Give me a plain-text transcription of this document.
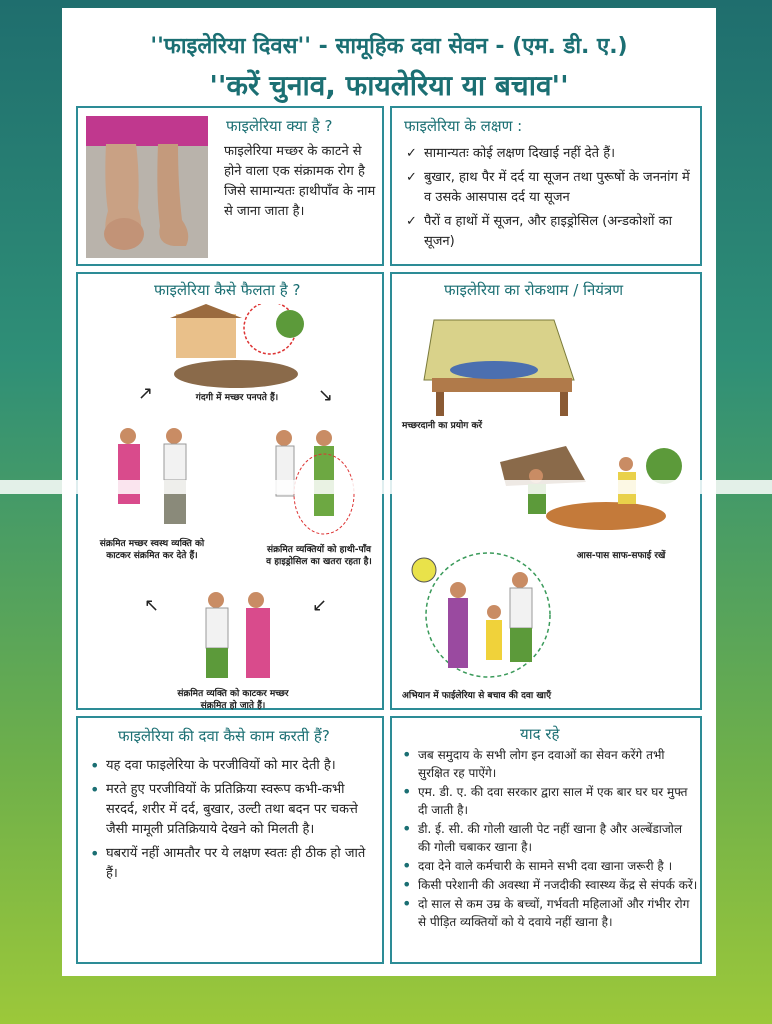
''फाइलेरिया दिवस'' - सामूहिक दवा सेवन - (एम. डी. ए.)
''करें चुनाव, फायलेरिया या बचाव''
फाइलेरिया क्या है ?
फाइलेरिया मच्छर के काटने से होने वाला एक संक्रामक रोग है जिसे सामान्यतः हाथीपाँव के नाम से जाना जाता है।
फाइलेरिया के लक्षण :
✓ सामान्यतः कोई लक्षण दिखाई नहीं देते हैं।
✓ बुखार, हाथ पैर में दर्द या सूजन तथा पुरूषों के जननांग में व उसके आसपास दर्द या सूजन
✓ पैरों व हाथों में सूजन, और हाइड्रोसिल (अन्डकोशों का सूजन)
फाइलेरिया कैसे फैलता है ?
गंदगी में मच्छर पनपते हैं।
↗	↘
संक्रमित मच्छर स्वस्थ व्यक्ति को काटकर संक्रमित कर देते हैं।
संक्रमित व्यक्तियों को हाथी-पाँव व हाइड्रोसिल का खतरा रहता है।
↖	↙
संक्रमित व्यक्ति को काटकर मच्छर संक्रमित हो जाते हैं।
फाइलेरिया का रोकथाम / नियंत्रण
मच्छरदानी का प्रयोग करें
आस-पास साफ-सफाई रखें
अभियान में फाईलेरिया से बचाव की दवा खाएँ
फाइलेरिया की दवा कैसे काम करती हैं?
• यह दवा फाइलेरिया के परजीवियों को मार देती है।
• मरते हुए परजीवियों के प्रतिक्रिया स्वरूप कभी-कभी सरदर्द, शरीर में दर्द, बुखार, उल्टी तथा बदन पर चकत्ते जैसी मामूली प्रतिक्रियाये देखने को मिलती है।
• घबरायें नहीं आमतौर पर ये लक्षण स्वतः ही ठीक हो जाते हैं।
याद रहे
• जब समुदाय के सभी लोग इन दवाओं का सेवन करेंगे तभी सुरक्षित रह पाऐंगे।
• एम. डी. ए. की दवा सरकार द्वारा साल में एक बार घर घर मुफ्त दी जाती है।
• डी. ई. सी. की गोली खाली पेट नहीं खाना है और अल्बेंडाजोल की गोली चबाकर खाना है।
• दवा देने वाले कर्मचारी के सामने सभी दवा खाना जरूरी है ।
• किसी परेशानी की अवस्था में नजदीकी स्वास्थ्य केंद्र से संपर्क करें।
• दो साल से कम उम्र के बच्चों, गर्भवती महिलाओं और गंभीर रोग से पीड़ित व्यक्तियों को ये दवाये नहीं खाना है।
